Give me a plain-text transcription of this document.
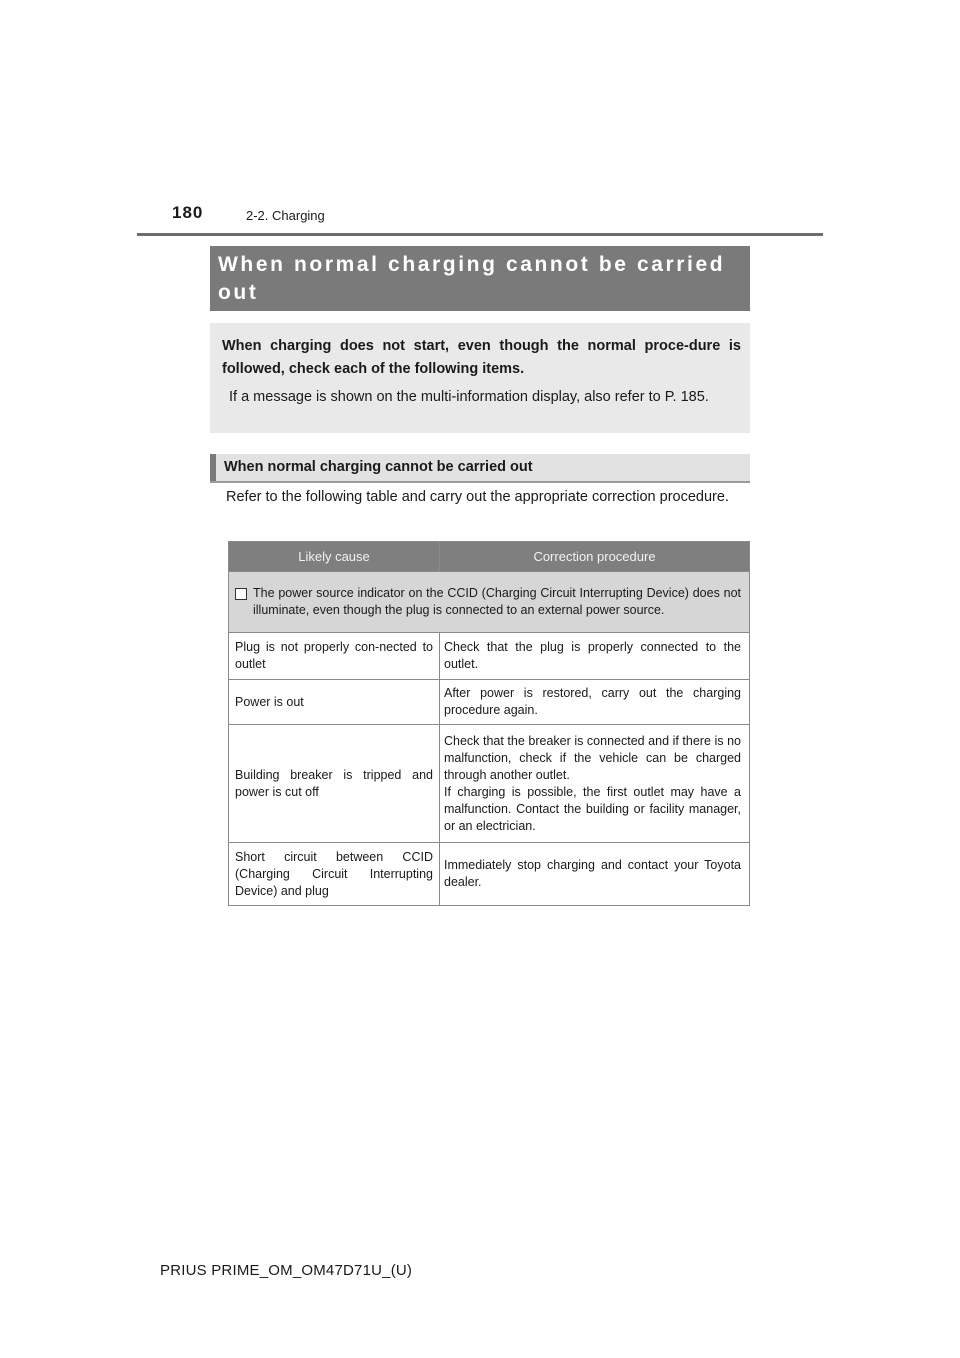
180	2-2. Charging
When normal charging cannot be carried out
When charging does not start, even though the normal proce-dure is followed, check each of the following items.
If a message is shown on the multi-information display, also refer to P. 185.
When normal charging cannot be carried out
Refer to the following table and carry out the appropriate correction procedure.
Likely cause	Correction procedure

The power source indicator on the CCID (Charging Circuit Interrupting Device) does not illuminate, even though the plug is connected to an external power source.	

Plug is not properly con-nected to outlet	Check that the plug is properly connected to the outlet.
Power is out	After power is restored, carry out the charging procedure again.
Building breaker is tripped and power is cut off	Check that the breaker is connected and if there is no malfunction, check if the vehicle can be charged through another outlet.
If charging is possible, the first outlet may have a malfunction. Contact the building or facility manager, or an electrician.

Short circuit between CCID (Charging Circuit Interrupting Device) and plug	Immediately stop charging and contact your Toyota dealer.
PRIUS PRIME_OM_OM47D71U_(U)
